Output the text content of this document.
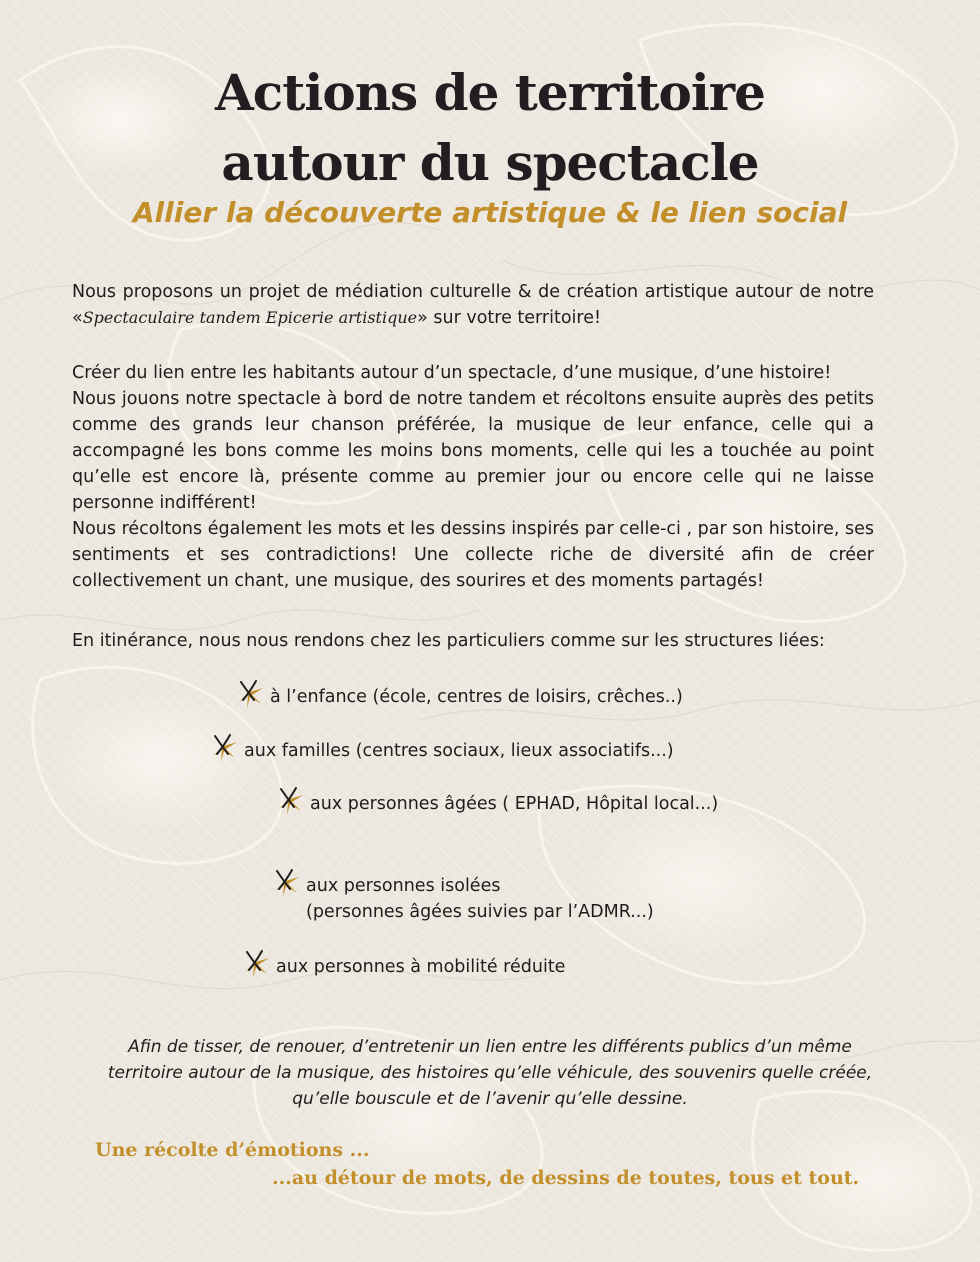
Actions de territoire
autour du spectacle
Allier la découverte artistique & le lien social

Nous proposons un projet de médiation culturelle & de création artistique autour de notre «Spectaculaire tandem Epicerie artistique» sur votre territoire!

Créer du lien entre les habitants autour d’un spectacle, d’une musique, d’une histoire!
Nous jouons notre spectacle à bord de notre tandem et récoltons ensuite auprès des petits comme des grands leur chanson préférée, la musique de leur enfance, celle qui a accompagné les bons comme les moins bons moments, celle qui les a touchée au point qu’elle est encore là, présente comme au premier jour ou encore celle qui ne laisse personne indifférent!
Nous récoltons également les mots et les dessins inspirés par celle-ci , par son histoire, ses sentiments et ses contradictions! Une collecte riche de diversité afin de créer collectivement un chant, une musique, des sourires et des moments partagés!

En itinérance, nous nous rendons chez les particuliers comme sur les structures liées:

à l’enfance (école, centres de loisirs, crêches..)
aux familles (centres sociaux, lieux associatifs...)
aux personnes âgées ( EPHAD, Hôpital local...)
aux personnes isolées
(personnes âgées suivies par l’ADMR...)
aux personnes à mobilité réduite

Afin de tisser, de renouer, d’entretenir un lien entre les différents publics d’un même
territoire autour de la musique, des histoires qu’elle véhicule, des souvenirs quelle créée,
qu’elle bouscule et de l’avenir qu’elle dessine.

Une récolte d’émotions ...

...au détour de mots, de dessins de toutes, tous et tout.
